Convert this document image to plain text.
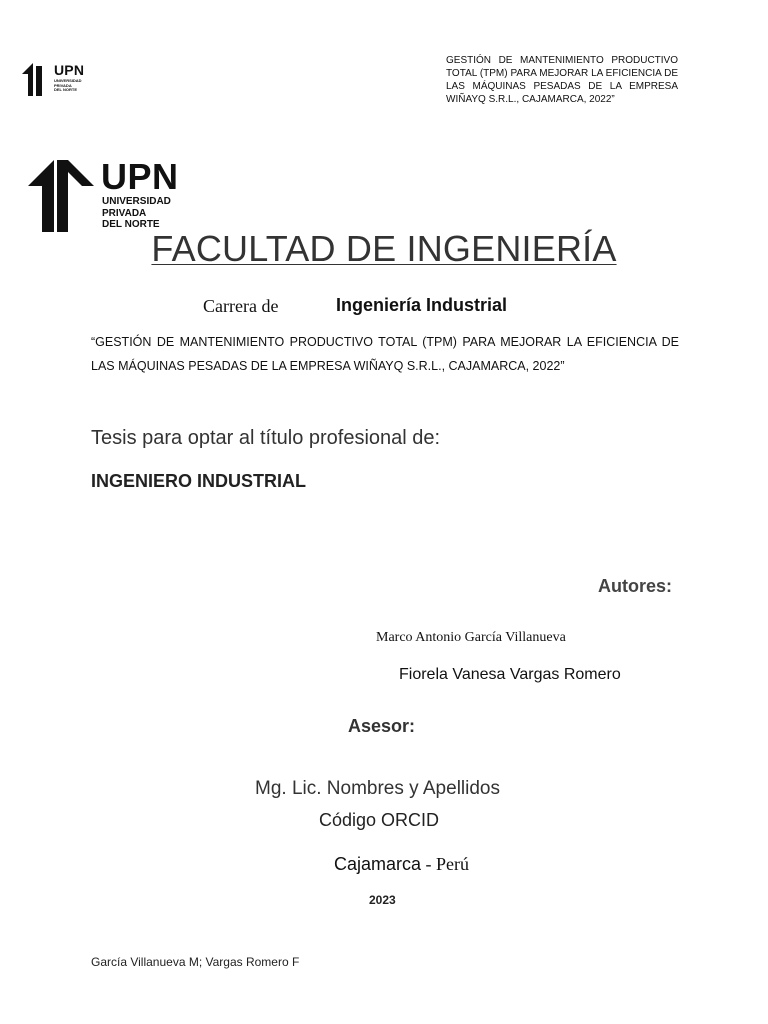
UPN
UNIVERSIDAD
PRIVADA
DEL NORTE
GESTIÓN DE MANTENIMIENTO PRODUCTIVO TOTAL (TPM) PARA MEJORAR LA EFICIENCIA DE LAS MÁQUINAS PESADAS DE LA EMPRESA WIÑAYQ S.R.L., CAJAMARCA, 2022”
UPN
UNIVERSIDAD
PRIVADA
DEL NORTE
FACULTAD DE INGENIERÍA
Carrera de	Ingeniería Industrial
“GESTIÓN DE MANTENIMIENTO PRODUCTIVO TOTAL (TPM) PARA MEJORAR LA EFICIENCIA DE LAS MÁQUINAS PESADAS DE LA EMPRESA WIÑAYQ S.R.L., CAJAMARCA, 2022”
Tesis para optar al título profesional de:
INGENIERO INDUSTRIAL
Autores:
Marco Antonio García Villanueva
Fiorela Vanesa Vargas Romero
Asesor:
Mg. Lic. Nombres y Apellidos
Código ORCID
Cajamarca - Perú
2023
García Villanueva M; Vargas Romero F
